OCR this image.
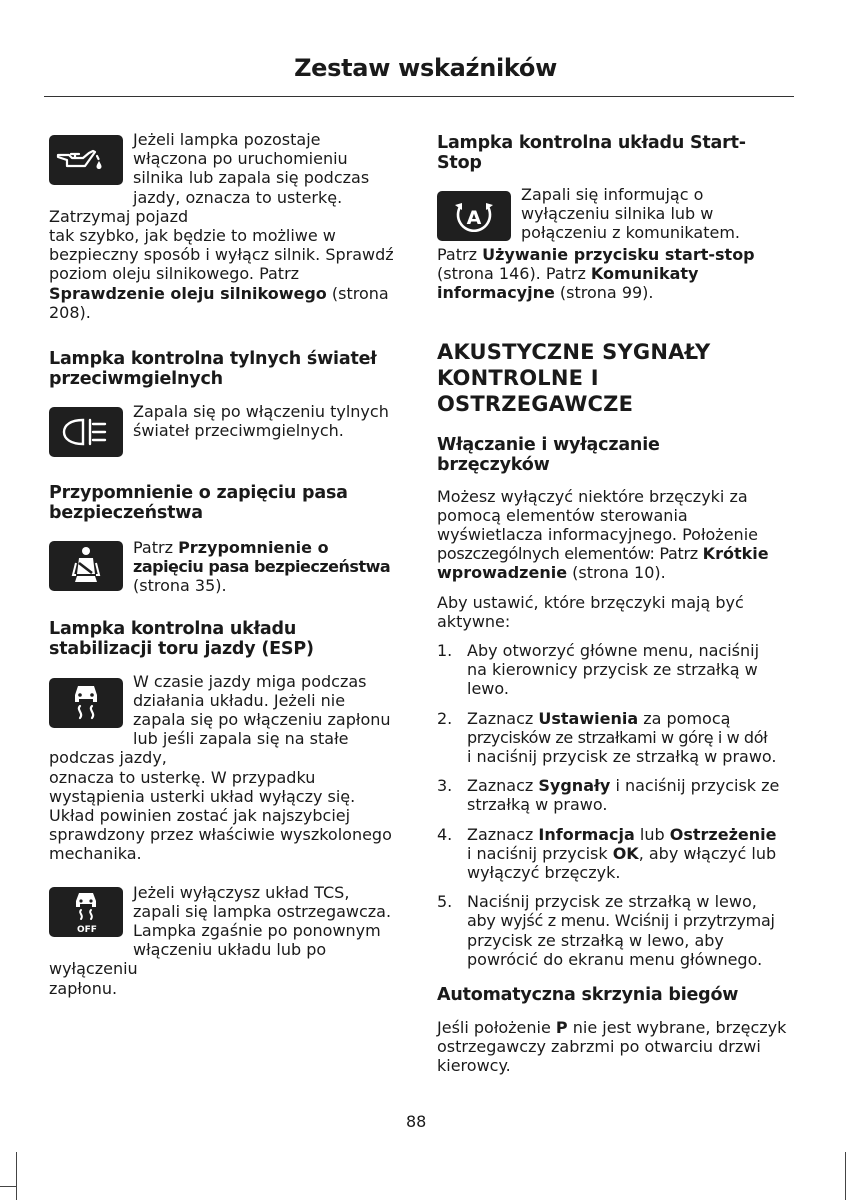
Zestaw wskaźników

Jeżeli lampka pozostaje
włączona po uruchomieniu
silnika lub zapala się podczas
jazdy, oznacza to usterkę. Zatrzymaj pojazd
tak szybko, jak będzie to możliwe w
bezpieczny sposób i wyłącz silnik. Sprawdź
poziom oleju silnikowego. Patrz
Sprawdzenie oleju silnikowego (strona
208).

Lampka kontrolna tylnych świateł
przeciwmgielnych

Zapala się po włączeniu tylnych
świateł przeciwmgielnych.

Przypomnienie o zapięciu pasa
bezpieczeństwa

Patrz Przypomnienie o
zapięciu pasa bezpieczeństwa
(strona 35).

Lampka kontrolna układu
stabilizacji toru jazdy (ESP)

W czasie jazdy miga podczas
działania układu. Jeżeli nie
zapala się po włączeniu zapłonu
lub jeśli zapala się na stałe podczas jazdy,
oznacza to usterkę. W przypadku
wystąpienia usterki układ wyłączy się.
Układ powinien zostać jak najszybciej
sprawdzony przez właściwie wyszkolonego
mechanika.

OFF

Jeżeli wyłączysz układ TCS,
zapali się lampka ostrzegawcza.
Lampka zgaśnie po ponownym
włączeniu układu lub po wyłączeniu
zapłonu.

Lampka kontrolna układu Start-
Stop
A

Zapali się informując o
wyłączeniu silnika lub w
połączeniu z komunikatem.

Patrz Używanie przycisku start-stop
(strona 146). Patrz Komunikaty
informacyjne (strona 99).

AKUSTYCZNE SYGNAŁY
KONTROLNE I
OSTRZEGAWCZE
Włączanie i wyłączanie
brzęczyków

Możesz wyłączyć niektóre brzęczyki za
pomocą elementów sterowania
wyświetlacza informacyjnego. Położenie
poszczególnych elementów: Patrz Krótkie
wprowadzenie (strona 10).

Aby ustawić, które brzęczyki mają być
aktywne:

1. Aby otworzyć główne menu, naciśnij
na kierownicy przycisk ze strzałką w
lewo.
2. Zaznacz Ustawienia za pomocą
przycisków ze strzałkami w górę i w dół
i naciśnij przycisk ze strzałką w prawo.
3. Zaznacz Sygnały i naciśnij przycisk ze
strzałką w prawo.
4. Zaznacz Informacja lub Ostrzeżenie
i naciśnij przycisk OK, aby włączyć lub
wyłączyć brzęczyk.
5. Naciśnij przycisk ze strzałką w lewo,
aby wyjść z menu. Wciśnij i przytrzymaj
przycisk ze strzałką w lewo, aby
powrócić do ekranu menu głównego.
Automatyczna skrzynia biegów

Jeśli położenie P nie jest wybrane, brzęczyk
ostrzegawczy zabrzmi po otwarciu drzwi
kierowcy.

88
